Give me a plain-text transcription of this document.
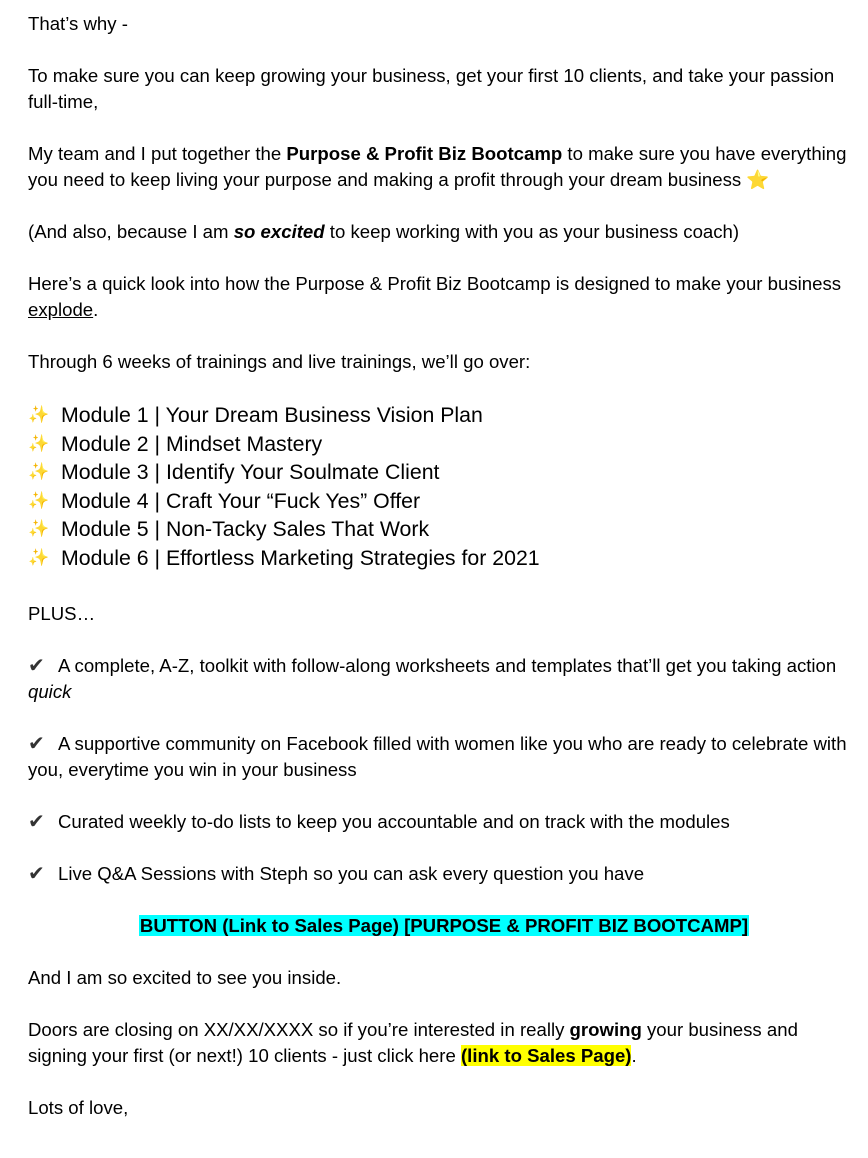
That’s why -

To make sure you can keep growing your business, get your first 10 clients, and take your passion full-time,

My team and I put together the Purpose & Profit Biz Bootcamp to make sure you have everything you need to keep living your purpose and making a profit through your dream business ⭐

(And also, because I am so excited to keep working with you as your business coach)

Here’s a quick look into how the Purpose & Profit Biz Bootcamp is designed to make your business explode.

Through 6 weeks of trainings and live trainings, we’ll go over:

✨ Module 1 | Your Dream Business Vision Plan
✨ Module 2 | Mindset Mastery
✨ Module 3 | Identify Your Soulmate Client
✨ Module 4 | Craft Your “Fuck Yes” Offer
✨ Module 5 | Non-Tacky Sales That Work
✨ Module 6 | Effortless Marketing Strategies for 2021

PLUS…

✔ A complete, A-Z, toolkit with follow-along worksheets and templates that’ll get you taking action quick

✔ A supportive community on Facebook filled with women like you who are ready to celebrate with you, everytime you win in your business

✔ Curated weekly to-do lists to keep you accountable and on track with the modules

✔ Live Q&A Sessions with Steph so you can ask every question you have

BUTTON (Link to Sales Page) [PURPOSE & PROFIT BIZ BOOTCAMP]

And I am so excited to see you inside.

Doors are closing on XX/XX/XXXX so if you’re interested in really growing your business and signing your first (or next!) 10 clients - just click here (link to Sales Page).

Lots of love,
